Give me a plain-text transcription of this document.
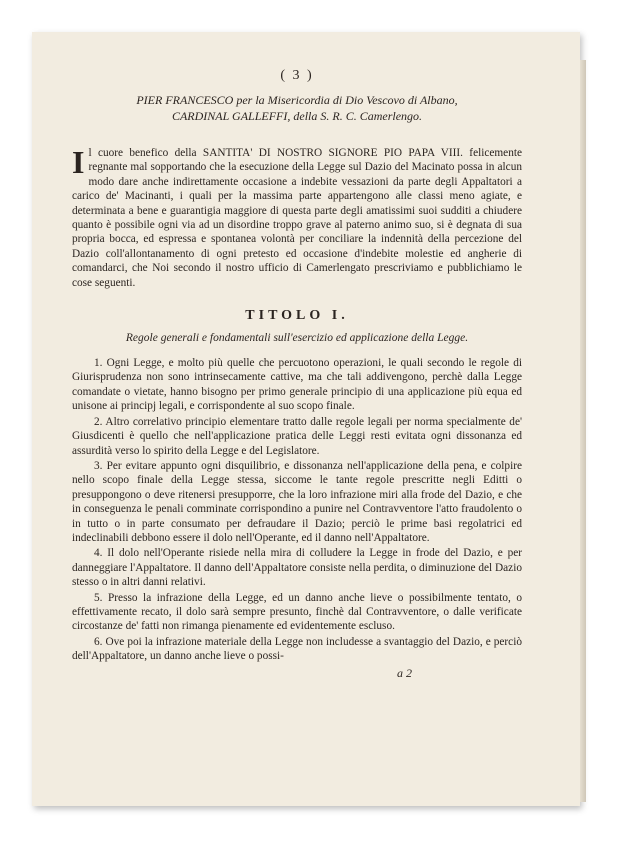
( 3 )
PIER FRANCESCO per la Misericordia di Dio Vescovo di Albano,
CARDINAL GALLEFFI, della S. R. C. Camerlengo.

Il cuore benefico della SANTITA' DI NOSTRO SIGNORE PIO PAPA VIII. felicemente regnante mal sopportando che la esecuzione della Legge sul Dazio del Macinato possa in alcun modo dare anche indirettamente occasione a indebite vessazioni da parte degli Appaltatori a carico de' Macinanti, i quali per la massima parte appartengono alle classi meno agiate, e determinata a bene e guarantigia maggiore di questa parte degli amatissimi suoi sudditi a chiudere quanto è possibile ogni via ad un disordine troppo grave al paterno animo suo, si è degnata di sua propria bocca, ed espressa e spontanea volontà per conciliare la indennità della percezione del Dazio coll'allontanamento di ogni pretesto ed occasione d'indebite molestie ed angherie di comandarci, che Noi secondo il nostro ufficio di Camerlengato prescriviamo e pubblichiamo le cose seguenti.

TITOLO I.
Regole generali e fondamentali sull'esercizio ed applicazione della Legge.

1. Ogni Legge, e molto più quelle che percuotono operazioni, le quali secondo le regole di Giurisprudenza non sono intrinsecamente cattive, ma che tali addivengono, perchè dalla Legge comandate o vietate, hanno bisogno per primo generale principio di una applicazione più equa ed unisone ai principj legali, e corrispondente al suo scopo finale.

2. Altro correlativo principio elementare tratto dalle regole legali per norma specialmente de' Giusdicenti è quello che nell'applicazione pratica delle Leggi resti evitata ogni dissonanza ed assurdità verso lo spirito della Legge e del Legislatore.

3. Per evitare appunto ogni disquilibrio, e dissonanza nell'applicazione della pena, e colpire nello scopo finale della Legge stessa, siccome le tante regole prescritte negli Editti o presuppongono o deve ritenersi presupporre, che la loro infrazione miri alla frode del Dazio, e che in conseguenza le penali comminate corrispondino a punire nel Contravventore l'atto fraudolento o in tutto o in parte consumato per defraudare il Dazio; perciò le prime basi regolatrici ed indeclinabili debbono essere il dolo nell'Operante, ed il danno nell'Appaltatore.

4. Il dolo nell'Operante risiede nella mira di colludere la Legge in frode del Dazio, e per danneggiare l'Appaltatore. Il danno dell'Appaltatore consiste nella perdita, o diminuzione del Dazio stesso o in altri danni relativi.

5. Presso la infrazione della Legge, ed un danno anche lieve o possibilmente tentato, o effettivamente recato, il dolo sarà sempre presunto, finchè dal Contravventore, o dalle verificate circostanze de' fatti non rimanga pienamente ed evidentemente escluso.

6. Ove poi la infrazione materiale della Legge non includesse a svantaggio del Dazio, e perciò dell'Appaltatore, un danno anche lieve o possi-

a 2
